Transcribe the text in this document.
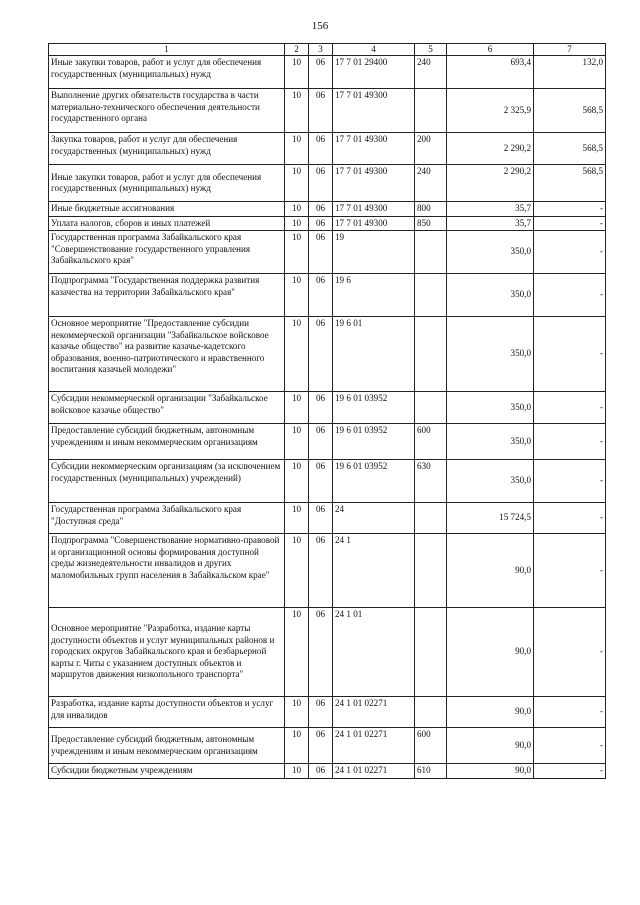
156
1	2	3	4	5	6	7
Иные закупки товаров, работ и услуг для обеспечения государственных (муниципальных) нужд	10	06	17 7 01 29400	240	693,4	132,0
Выполнение других обязательств государства в части материально-технического обеспечения деятельности государственного органа	10	06	17 7 01 49300		2 325,9	568,5
Закупка товаров, работ и услуг для обеспечения государственных (муниципальных) нужд	10	06	17 7 01 49300	200	2 290,2	568,5
Иные закупки товаров, работ и услуг для обеспечения государственных (муниципальных) нужд	10	06	17 7 01 49300	240	2 290,2	568,5
Иные бюджетные ассигнования	10	06	17 7 01 49300	800	35,7	-
Уплата налогов, сборов и иных платежей	10	06	17 7 01 49300	850	35,7	-
Государственная программа Забайкальского края "Совершенствование государственного управления Забайкальского края"	10	06	19		350,0	-
Подпрограмма "Государственная поддержка развития казачества на территории Забайкальского края"	10	06	19 6		350,0	-
Основное мероприятие "Предоставление субсидии некоммерческой организации "Забайкальское войсковое казачье общество" на развитие казачье-кадетского образования, военно-патриотического и нравственного воспитания казачьей молодежи"	10	06	19 6 01		350,0	-
Субсидии некоммерческой организации "Забайкальское войсковое казачье общество"	10	06	19 6 01 03952		350,0	-
Предоставление субсидий бюджетным, автономным учреждениям и иным некоммерческим организациям	10	06	19 6 01 03952	600	350,0	-
Субсидии некоммерческим организациям (за исключением государственных (муниципальных) учреждений)	10	06	19 6 01 03952	630	350,0	-
Государственная программа Забайкальского края "Доступная среда"	10	06	24		15 724,5	-
Подпрограмма "Совершенствование нормативно-правовой и организационной основы формирования доступной среды жизнедеятельности инвалидов и других маломобильных групп населения в Забайкальском крае"	10	06	24 1		90,0	-
Основное мероприятие "Разработка, издание карты доступности объектов и услуг муниципальных районов и городских округов Забайкальского края и безбарьерной карты г. Читы с указанием доступных объектов и маршрутов движения низкопольного транспорта"	10	06	24 1 01		90,0	-
Разработка, издание карты доступности объектов и услуг для инвалидов	10	06	24 1 01 02271		90,0	-
Предоставление субсидий бюджетным, автономным учреждениям и иным некоммерческим организациям	10	06	24 1 01 02271	600	90,0	-
Субсидии бюджетным учреждениям	10	06	24 1 01 02271	610	90,0	-
